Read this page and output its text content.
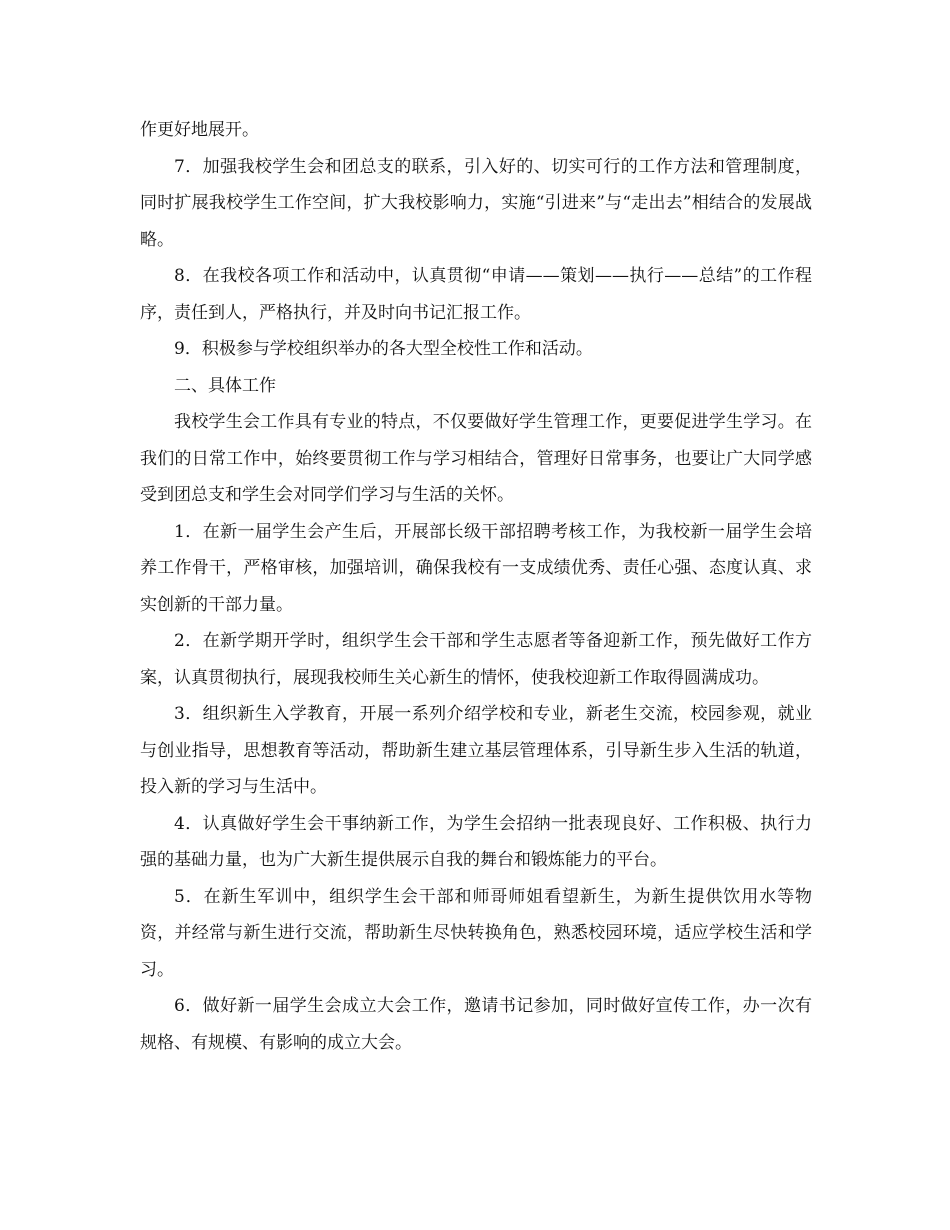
作更好地展开。

7．加强我校学生会和团总支的联系，引入好的、切实可行的工作方法和管理制度，同时扩展我校学生工作空间，扩大我校影响力，实施“引进来”与“走出去”相结合的发展战略。

8．在我校各项工作和活动中，认真贯彻“申请——策划——执行——总结”的工作程序，责任到人，严格执行，并及时向书记汇报工作。

9．积极参与学校组织举办的各大型全校性工作和活动。

二、具体工作

我校学生会工作具有专业的特点，不仅要做好学生管理工作，更要促进学生学习。在我们的日常工作中，始终要贯彻工作与学习相结合，管理好日常事务，也要让广大同学感受到团总支和学生会对同学们学习与生活的关怀。

1．在新一届学生会产生后，开展部长级干部招聘考核工作，为我校新一届学生会培养工作骨干，严格审核，加强培训，确保我校有一支成绩优秀、责任心强、态度认真、求实创新的干部力量。

2．在新学期开学时，组织学生会干部和学生志愿者等备迎新工作，预先做好工作方案，认真贯彻执行，展现我校师生关心新生的情怀，使我校迎新工作取得圆满成功。

3．组织新生入学教育，开展一系列介绍学校和专业，新老生交流，校园参观，就业与创业指导，思想教育等活动，帮助新生建立基层管理体系，引导新生步入生活的轨道，投入新的学习与生活中。

4．认真做好学生会干事纳新工作，为学生会招纳一批表现良好、工作积极、执行力强的基础力量，也为广大新生提供展示自我的舞台和锻炼能力的平台。

5．在新生军训中，组织学生会干部和师哥师姐看望新生，为新生提供饮用水等物资，并经常与新生进行交流，帮助新生尽快转换角色，熟悉校园环境，适应学校生活和学习。

6．做好新一届学生会成立大会工作，邀请书记参加，同时做好宣传工作，办一次有规格、有规模、有影响的成立大会。
